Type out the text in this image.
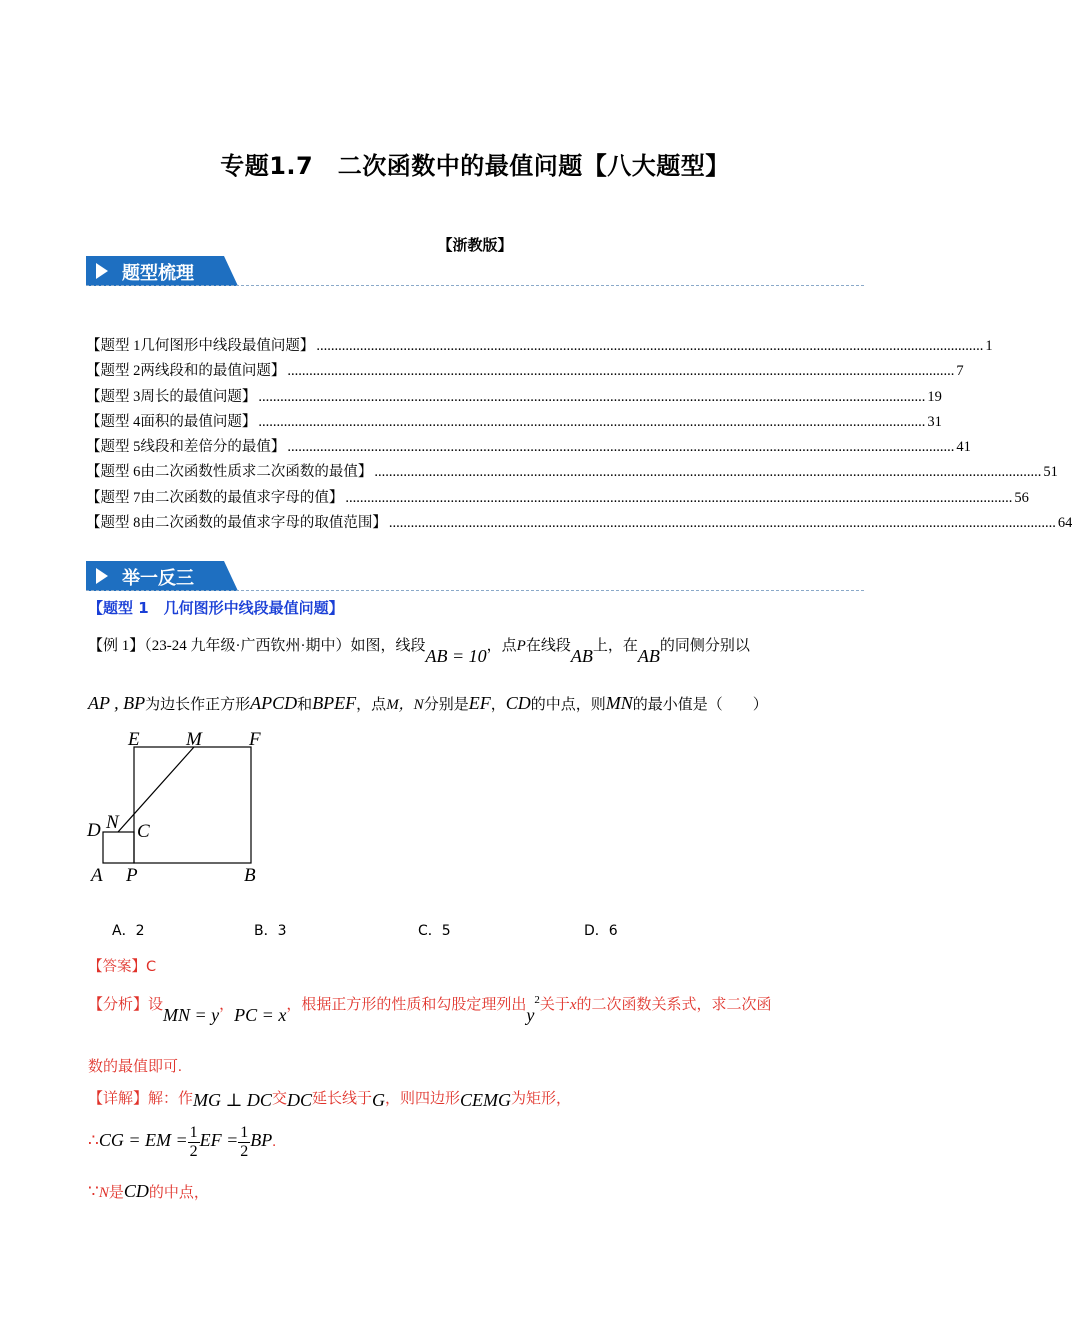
专题1.7　二次函数中的最值问题【八大题型】
【浙教版】
题型梳理
【题型 1 几何图形中线段最值问题】 ........................................................................................................................................................................................ 1
【题型 2 两线段和的最值问题】 ........................................................................................................................................................................................ 7
【题型 3 周长的最值问题】 ........................................................................................................................................................................................ 19
【题型 4 面积的最值问题】 ........................................................................................................................................................................................ 31
【题型 5 线段和差倍分的最值】 ........................................................................................................................................................................................ 41
【题型 6 由二次函数性质求二次函数的最值】 ........................................................................................................................................................................................ 51
【题型 7 由二次函数的最值求字母的值】 ........................................................................................................................................................................................ 56
【题型 8 由二次函数的最值求字母的取值范围】 ........................................................................................................................................................................................ 64
举一反三
【题型 1　几何图形中线段最值问题】
【例 1】（23-24 九年级·广西钦州·期中）如图，线段AB = 10，点P在线段AB上，在AB的同侧分别以
AP , BP为边长作正方形APCD和BPEF，点M，N分别是EF，CD的中点，则MN的最小值是（　　）
E M F
N
D C
A P	B
A．2	B．3	C．5	D．6
【答案】C
【分析】设MN = y，PC = x，根据正方形的性质和勾股定理列出$y^2$关于x的二次函数关系式，求二次函
数的最值即可.
【详解】解：作MG ⊥ DC交DC延长线于G，则四边形CEMG为矩形，
∴CG = EM = $\frac{1}{2}$ EF = $\frac{1}{2}$ BP.
∵N是CD的中点，
